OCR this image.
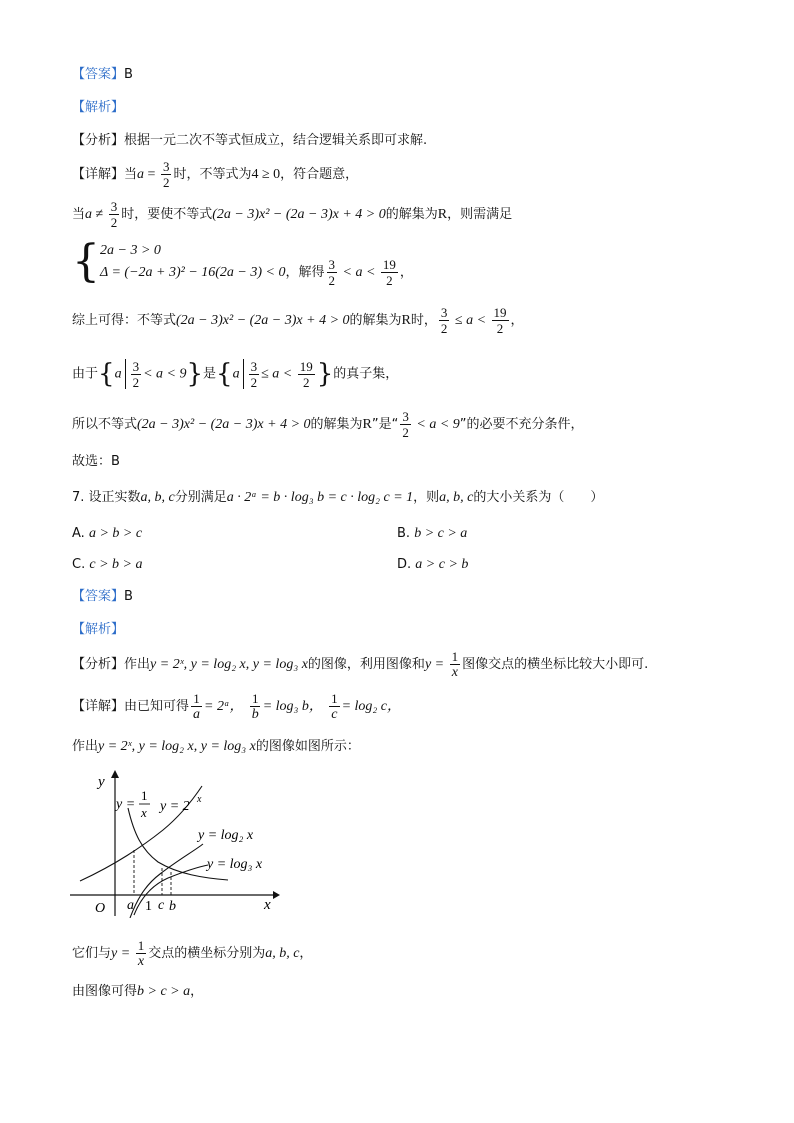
【答案】B
【解析】
【分析】根据一元二次不等式恒成立，结合逻辑关系即可求解.
【详解】当$a = \frac{3}{2}$ 时，不等式为4 ≥ 0，符合题意，
当$a \ne \frac{3}{2}$ 时，要使不等式(2a − 3)x² − (2a − 3)x + 4 > 0的解集为R，则需满足
{ 2a − 3 > 0
Δ = (−2a + 3)² − 16(2a − 3) < 0 ，解得 $\frac{3}{2} < a < \frac{19}{2}$ ，
综上可得：不等式(2a − 3)x² − (2a − 3)x + 4 > 0的解集为R时， $\frac{3}{2} \le a < \frac{19}{2}$ ，
由于$\{a \frac{3}{2} < a < 9\}$是{$a \frac{3}{2} \le a < \frac{19}{2}$ }的真子集，
所以不等式(2a − 3)x² − (2a − 3)x + 4 > 0的解集为R”是“ $\frac{3}{2} < a < 9$”的必要不充分条件，
故选：B
7. 设正实数a, b, c分别满足a · 2ᵃ = b · log₃ b = c · log₂ c = 1，则a, b, c的大小关系为（　　）
A. a > b > c	B. b > c > a
C. c > b > a	D. a > c > b
【答案】B
【解析】
【分析】作出y = 2ˣ, y = log₂ x, y = log₃ x的图像，利用图像和$y = \frac{1}{x}$ 图像交点的横坐标比较大小即可.
【详解】由已知可得 $\frac{1}{a}$ = 2ᵃ， $\frac{1}{b} = \log_3$ b， $\frac{1}{c} = \log_2$ c，
作出y = 2ˣ, y = log₂ x, y = log₃ x的图像如图所示：
y
x
O
y =
1
x y = 2 x
y = log₂ x
y = log₃ x
a 1 c b
它们与$y = \frac{1}{x}$ 交点的横坐标分别为a, b, c，
由图像可得b > c > a，
